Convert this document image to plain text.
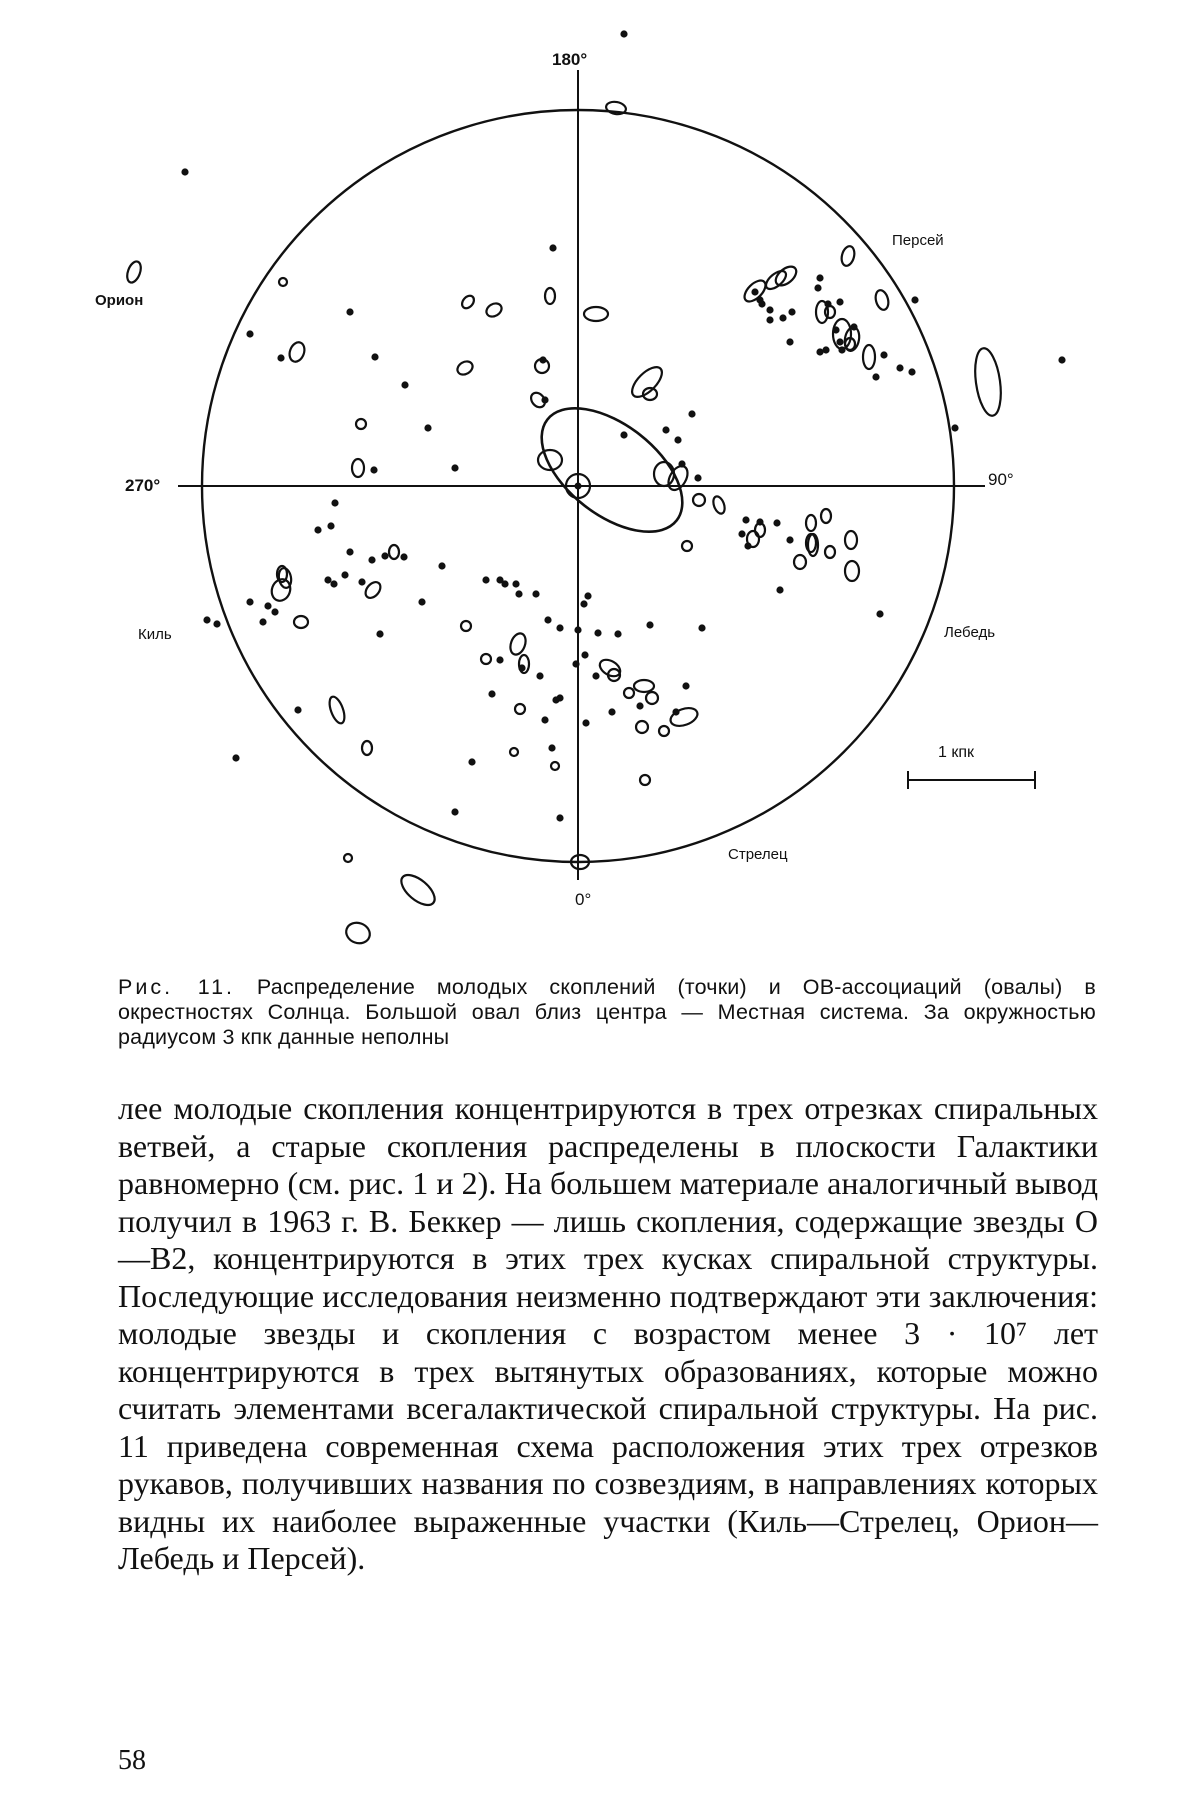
180°
90°
0°
270°
Персей
Орион
Киль	Лебедь
Стрелец
1 кпк
Рис. 11. Распределение молодых скоплений (точки) и ОВ-ассоциаций (овалы) в окрестностях Солнца. Большой овал близ центра — Местная система. За окружностью радиусом 3 кпк данные неполны
лее молодые скопления концентрируются в трех отрезках спиральных ветвей, а старые скопления распределены в плоскости Галактики равномерно (см. рис. 1 и 2). На большем материале аналогичный вывод получил в 1963 г. В. Беккер — лишь скопления, содержащие звезды О—В2, концентрируются в этих трех кусках спиральной структуры. Последующие исследования неизменно подтверждают эти заключения: молодые звезды и скопления с возрастом менее 3 · 10⁷ лет концентрируются в трех вытянутых образованиях, которые можно считать элементами всегалактической спиральной структуры. На рис. 11 приведена современная схема расположения этих трех отрезков рукавов, получивших названия по созвездиям, в направлениях которых видны их наиболее выраженные участки (Киль—Стрелец, Орион—Лебедь и Персей).
58
